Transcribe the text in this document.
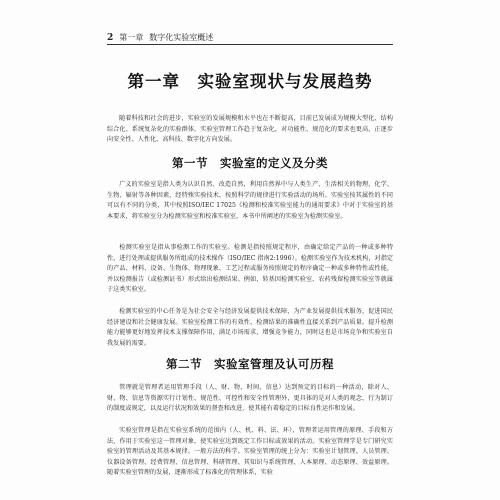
2 第一章 数字化实验室概述
第一章　实验室现状与发展趋势
随着科技和社会的进步，实验室的发展规模和水平也在不断提高，目前已发展成为规模大型化、结构综合化、系统复杂化的实验群体，实验室管理工作趋于复杂化，对功能性、规范化的要求也更高，正逐步向安全性、人性化、高科技、数字化方向发展。
第一节　实验室的定义及分类
广义的实验室是指人类为认识自然、改造自然，利用自然界中与人类生产、生活相关的物理、化学、生物、辐射等各种因素，经特殊实验技术、按照科学的规律进行实验活动的场所。实验室按其属性的不同可以有不同的分类，其中按照ISO/IEC 17025《检测和校准实验室能力的通用要求》中对于实验室的基本要求，将实验室分为检测实验室和校准实验室，本书中所阐述的实验室为检测实验室。
检测实验室是指从事检测工作的实验室。检测是指按照规定程序，由确定给定产品的一种或多种特性，进行处理或提供服务所组成的技术操作（ISO/IEC 指南2:1996）。检测实验室作为技术机构，对指定的产品、材料、设备、生物体、物理现象、工艺过程或服务按照规定的程序确定一种或多种特性或性能，并以检测报告（或检测证书）形式给出检测结果。例如，转基因检测实验室、农药残留检测实验室等就属于这类实验室。
检测实验室的中心任务是为社会安全与经济发展提供技术保障，为产业发展提供技术服务，促进国民经济建设和社会健康发展。实验室检测工作的有效性、检测结果的准确性直接关系到产品质量。提升检测能力能够更好地发挥技术支撑保障作用，满足市场需求，增强竞争能力，同时这也是市场竞争和实验室自我发展的需要。
第二节　实验室管理及认可历程
管理就是管理者运用管理手段（人、财、物、时间、信息）达到预定的目标的一种活动，除对人、财、物、信息等资源实行计划性、规范性、可控性和安全性管理外，更具体的是对人类的观念、行为制订的制度或规定，以及运行状况和效果的督查和改进，使其能有着稳定的目标良性运作和发展。
实验室管理是指在实验室系统的范围内（人、机、料、法、环），管理者运用管理的原理、手段和方法，作用于实验室这一管理对象，使实验室达到既定工作目标或效果的活动。实验室管理学是专门研究实验室的管理活动及其基本规律、一般方法的科学。实验室管理的统上分为：实验室计划管理、人员管理、仪器设备管理、经费管理、信息管理、科研管理、其知识与系统管理、人本原理、动态原理、效益原理。随着实验室管理的发展，逐渐形成了标准化的管理体系，实验
